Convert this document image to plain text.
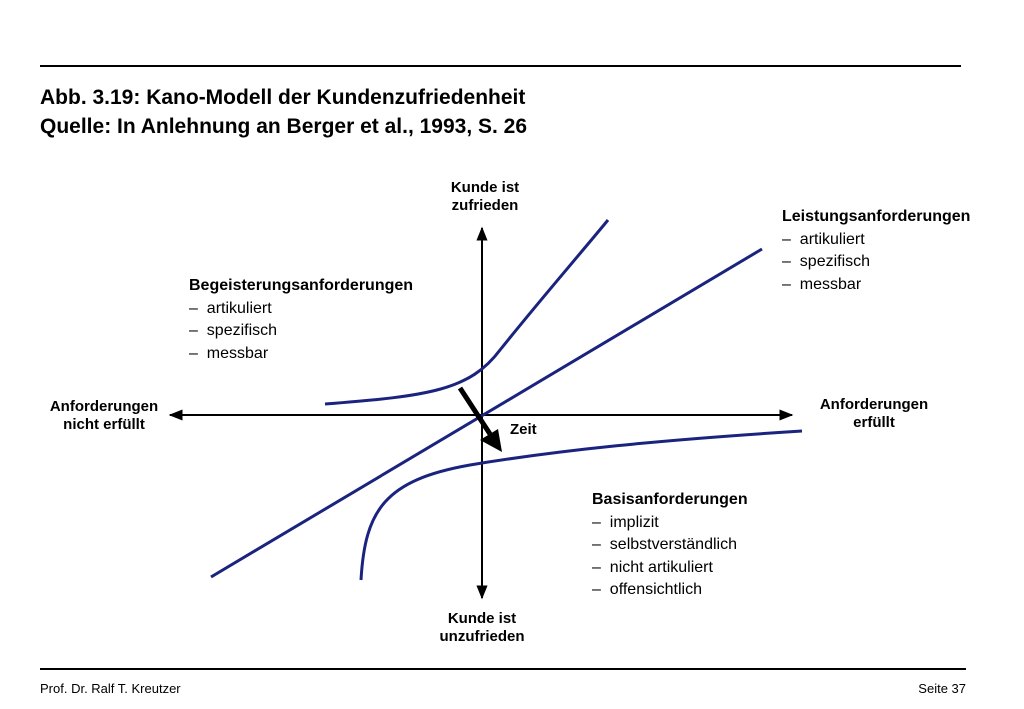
Abb. 3.19: Kano-Modell der Kundenzufriedenheit
Quelle: In Anlehnung an Berger et al., 1993, S. 26
Kunde ist
zufrieden
Kunde ist
unzufrieden
Anforderungen
nicht erfüllt
Anforderungen
erfüllt
Zeit
Leistungsanforderungen
–  artikuliert
–  spezifisch
–  messbar
Begeisterungsanforderungen
–  artikuliert
–  spezifisch
–  messbar
Basisanforderungen
–  implizit
–  selbstverständlich
–  nicht artikuliert
–  offensichtlich
Prof. Dr. Ralf T. Kreutzer	Seite 37
